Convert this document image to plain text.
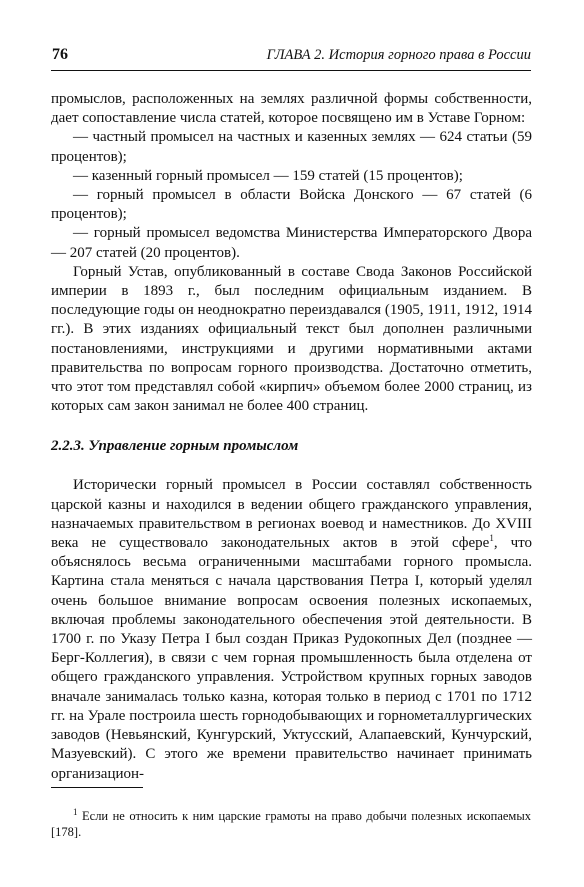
76	ГЛАВА 2. История горного права в России

промыслов, расположенных на землях различной формы собственности, дает сопоставление числа статей, которое посвящено им в Уставе Горном:

— частный промысел на частных и казенных землях — 624 статьи (59 процентов);

— казенный горный промысел — 159 статей (15 процентов);

— горный промысел в области Войска Донского — 67 статей (6 процентов);

— горный промысел ведомства Министерства Императорского Двора — 207 статей (20 процентов).

Горный Устав, опубликованный в составе Свода Законов Российской империи в 1893 г., был последним официальным изданием. В последующие годы он неоднократно переиздавался (1905, 1911, 1912, 1914 гг.). В этих изданиях официальный текст был дополнен различными постановлениями, инструкциями и другими нормативными актами правительства по вопросам горного производства. Достаточно отметить, что этот том представлял собой «кирпич» объемом более 2000 страниц, из которых сам закон занимал не более 400 страниц.

2.2.3. Управление горным промыслом

Исторически горный промысел в России составлял собственность царской казны и находился в ведении общего гражданского управления, назначаемых правительством в регионах воевод и наместников. До XVIII века не существовало законодательных актов в этой сфере$^1$, что объяснялось весьма ограниченными масштабами горного промысла. Картина стала меняться с начала царствования Петра I, который уделял очень большое внимание вопросам освоения полезных ископаемых, включая проблемы законодательного обеспечения этой деятельности. В 1700 г. по Указу Петра I был создан Приказ Рудокопных Дел (позднее — Берг-Коллегия), в связи с чем горная промышленность была отделена от общего гражданского управления. Устройством крупных горных заводов вначале занималась только казна, которая только в период с 1701 по 1712 гг. на Урале построила шесть горнодобывающих и горнометаллургических заводов (Невьянский, Кунгурский, Уктусский, Алапаевский, Кунчурский, Мазуевский). С этого же времени правительство начинает принимать организацион-

$^1$ Если не относить к ним царские грамоты на право добычи полезных ископаемых [178].
